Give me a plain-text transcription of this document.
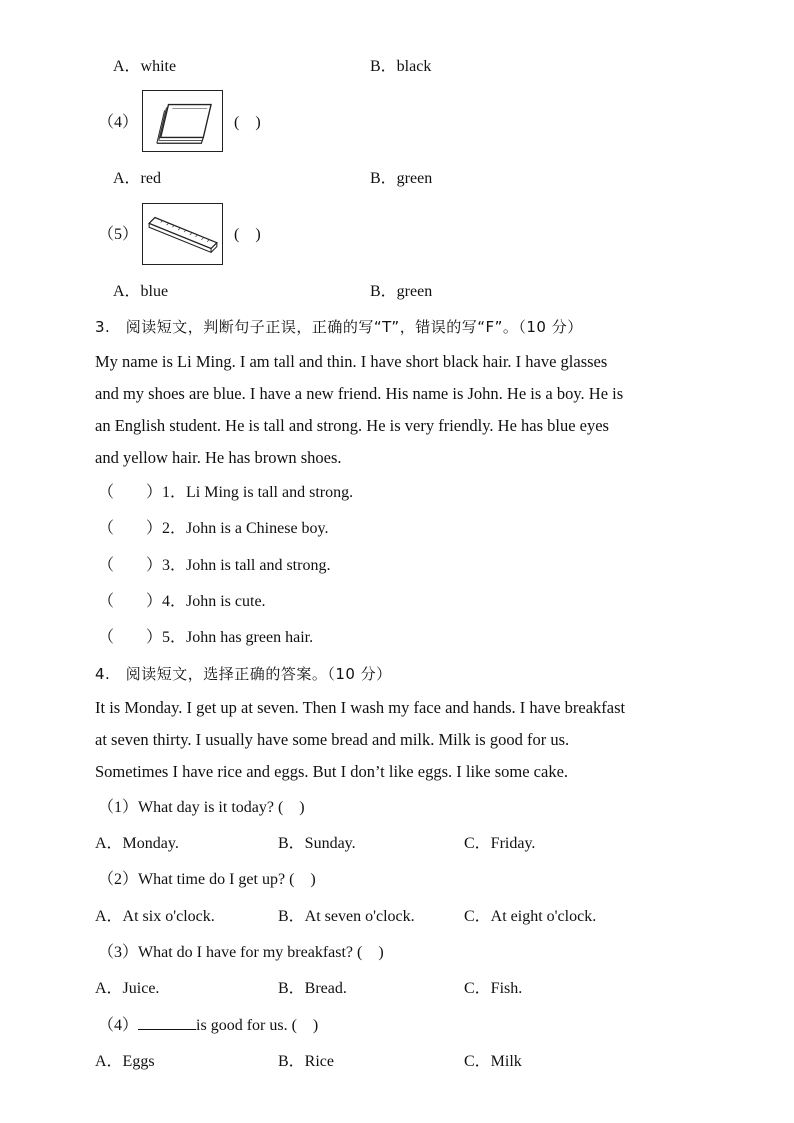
A．white	B．black
（4）	(    )
A．red	B．green
（5）	(    )
A．blue	B．green
3.　阅读短文，判断句子正误，正确的写“T”，错误的写“F”。（10 分）
My name is Li Ming. I am tall and thin. I have short black hair. I have glasses
and my shoes are blue. I have a new friend. His name is John. He is a boy. He is
an English student. He is tall and strong. He is very friendly. He has blue eyes
and yellow hair. He has brown shoes.
（　　）1．Li Ming is tall and strong.
（　　）2．John is a Chinese boy.
（　　）3．John is tall and strong.
（　　）4．John is cute.
（　　）5．John has green hair.
4.　阅读短文，选择正确的答案。（10 分）
It is Monday. I get up at seven. Then I wash my face and hands. I have breakfast
at seven thirty. I usually have some bread and milk. Milk is good for us.
Sometimes I have rice and eggs. But I don’t like eggs. I like some cake.
（1）What day is it today? (　)
A．Monday.	B．Sunday.	C．Friday.
（2）What time do I get up? (　)
A．At six o'clock.	B．At seven o'clock.	C．At eight o'clock.
（3）What do I have for my breakfast? (　)
A．Juice.	B．Bread.	C．Fish.
（4）	is good for us. (　)
A．Eggs	B．Rice	C．Milk
